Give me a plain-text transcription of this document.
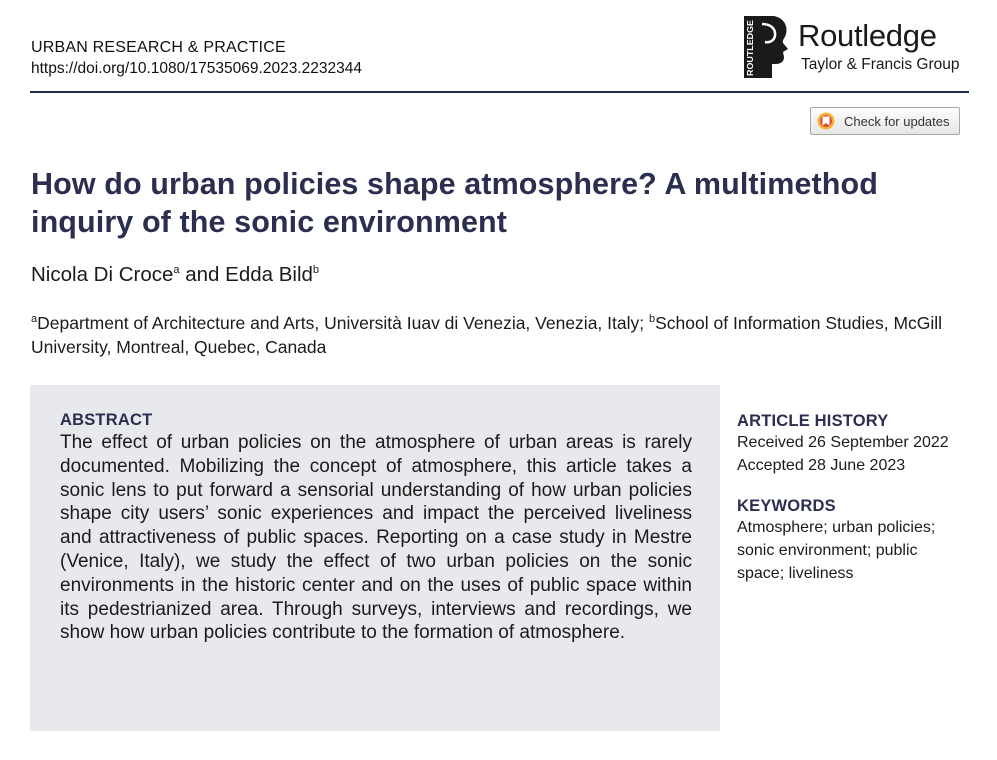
URBAN RESEARCH & PRACTICE
https://doi.org/10.1080/17535069.2023.2232344	ROUTLEDGE Routledge
Taylor & Francis Group
Check for updates
How do urban policies shape atmosphere? A multimethod inquiry of the sonic environment
Nicola Di Croce$^a$ and Edda Bild$^b$
$^a$Department of Architecture and Arts, Università Iuav di Venezia, Venezia, Italy; $^b$School of Information Studies, McGill University, Montreal, Quebec, Canada
ABSTRACT
The effect of urban policies on the atmosphere of urban areas is rarely documented. Mobilizing the concept of atmosphere, this article takes a sonic lens to put forward a sensorial understanding of how urban policies shape city users’ sonic experiences and impact the perceived liveliness and attractiveness of public spaces. Reporting on a case study in Mestre (Venice, Italy), we study the effect of two urban policies on the sonic environments in the historic center and on the uses of public space within its pedestrianized area. Through surveys, interviews and recordings, we show how urban policies contribute to the formation of atmosphere.
ARTICLE HISTORY
Received 26 September 2022
Accepted 28 June 2023
KEYWORDS
Atmosphere; urban policies; sonic environment; public space; liveliness
